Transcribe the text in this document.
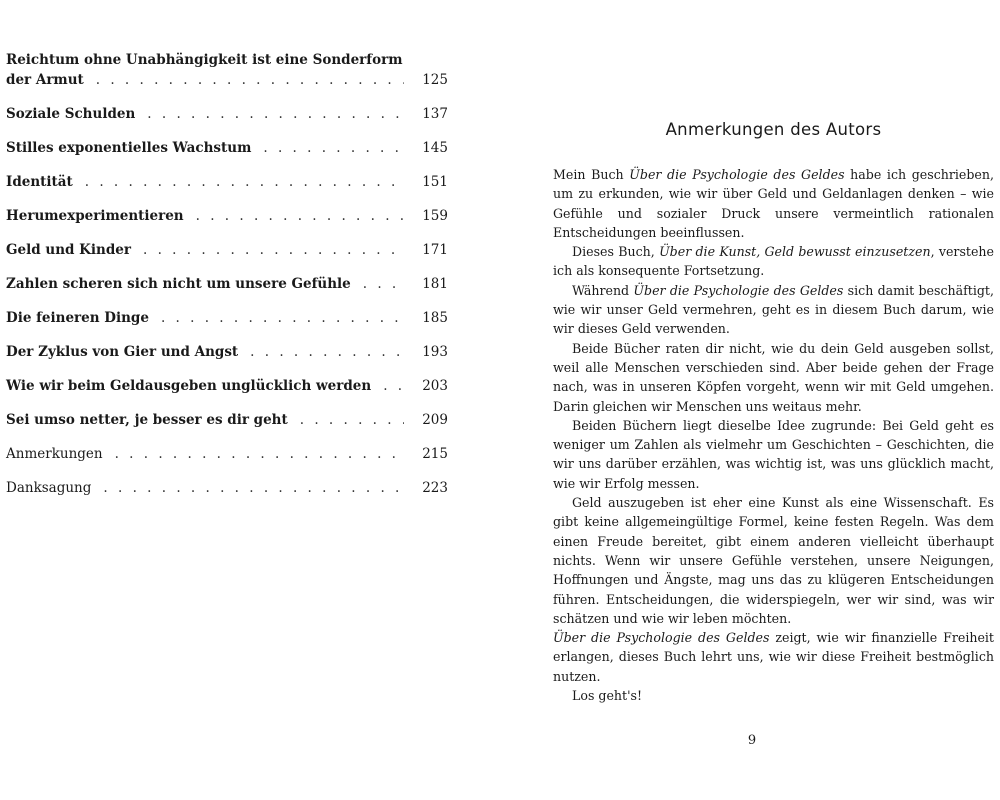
Reichtum ohne Unabhängigkeit ist eine Sonderform
der Armut . . .	125
Soziale Schulden . . .	137
Stilles exponentielles Wachstum . . .	145
Identität . . .	151
Herumexperimentieren . . .	159
Geld und Kinder . . .	171
Zahlen scheren sich nicht um unsere Gefühle . . .	181
Die feineren Dinge . . .	185
Der Zyklus von Gier und Angst . . .	193
Wie wir beim Geldausgeben unglücklich werden . . .	203
Sei umso netter, je besser es dir geht . . .	209
Anmerkungen . . .	215
Danksagung . . .	223
Anmerkungen des Autors

Mein Buch Über die Psychologie des Geldes habe ich geschrieben, um zu erkunden, wie wir über Geld und Geldanlagen denken – wie Gefühle und sozialer Druck unsere vermeintlich rationalen Entscheidungen beeinflussen.

Dieses Buch, Über die Kunst, Geld bewusst einzusetzen, verstehe ich als konsequente Fortsetzung.

Während Über die Psychologie des Geldes sich damit beschäftigt, wie wir unser Geld vermehren, geht es in diesem Buch darum, wie wir dieses Geld verwenden.

Beide Bücher raten dir nicht, wie du dein Geld ausgeben sollst, weil alle Menschen verschieden sind. Aber beide gehen der Frage nach, was in unseren Köpfen vorgeht, wenn wir mit Geld umgehen. Darin gleichen wir Menschen uns weitaus mehr.

Beiden Büchern liegt dieselbe Idee zugrunde: Bei Geld geht es weniger um Zahlen als vielmehr um Geschichten – Geschichten, die wir uns darüber erzählen, was wichtig ist, was uns glücklich macht, wie wir Erfolg messen.

Geld auszugeben ist eher eine Kunst als eine Wissenschaft. Es gibt keine allgemeingültige Formel, keine festen Regeln. Was dem einen Freude bereitet, gibt einem anderen vielleicht überhaupt nichts. Wenn wir unsere Gefühle verstehen, unsere Neigungen, Hoffnungen und Ängste, mag uns das zu klügeren Entscheidungen führen. Entscheidungen, die widerspiegeln, wer wir sind, was wir schätzen und wie wir leben möchten.

Über die Psychologie des Geldes zeigt, wie wir finanzielle Freiheit erlangen, dieses Buch lehrt uns, wie wir diese Freiheit bestmöglich nutzen.

Los geht's!

9
